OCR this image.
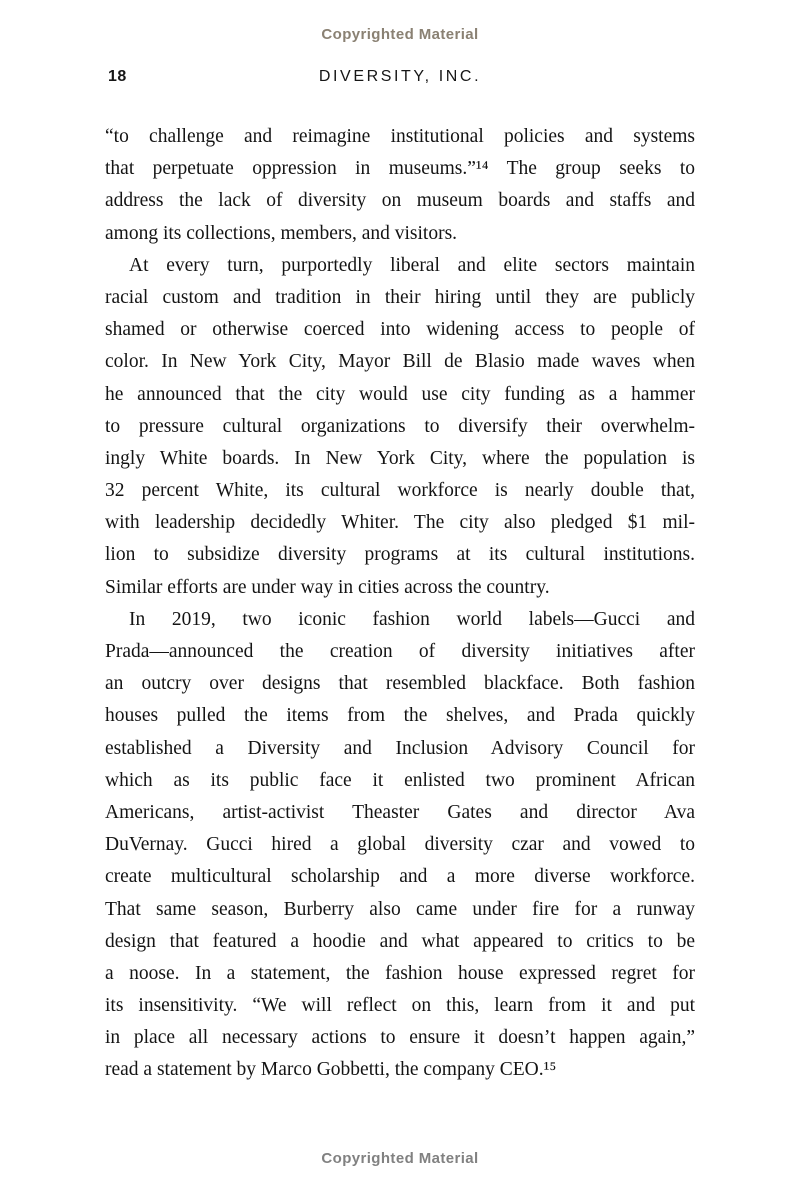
Copyrighted Material
18	DIVERSITY, INC.
“to challenge and reimagine institutional policies and systems
that perpetuate oppression in museums.”¹⁴ The group seeks to
address the lack of diversity on museum boards and staffs and
among its collections, members, and visitors.
At every turn, purportedly liberal and elite sectors maintain
racial custom and tradition in their hiring until they are publicly
shamed or otherwise coerced into widening access to people of
color. In New York City, Mayor Bill de Blasio made waves when
he announced that the city would use city funding as a hammer
to pressure cultural organizations to diversify their overwhelm-
ingly White boards. In New York City, where the population is
32 percent White, its cultural workforce is nearly double that,
with leadership decidedly Whiter. The city also pledged $1 mil-
lion to subsidize diversity programs at its cultural institutions.
Similar efforts are under way in cities across the country.
In 2019, two iconic fashion world labels—Gucci and
Prada—announced the creation of diversity initiatives after
an outcry over designs that resembled blackface. Both fashion
houses pulled the items from the shelves, and Prada quickly
established a Diversity and Inclusion Advisory Council for
which as its public face it enlisted two prominent African
Americans, artist-activist Theaster Gates and director Ava
DuVernay. Gucci hired a global diversity czar and vowed to
create multicultural scholarship and a more diverse workforce.
That same season, Burberry also came under fire for a runway
design that featured a hoodie and what appeared to critics to be
a noose. In a statement, the fashion house expressed regret for
its insensitivity. “We will reflect on this, learn from it and put
in place all necessary actions to ensure it doesn’t happen again,”
read a statement by Marco Gobbetti, the company CEO.¹⁵
Copyrighted Material
